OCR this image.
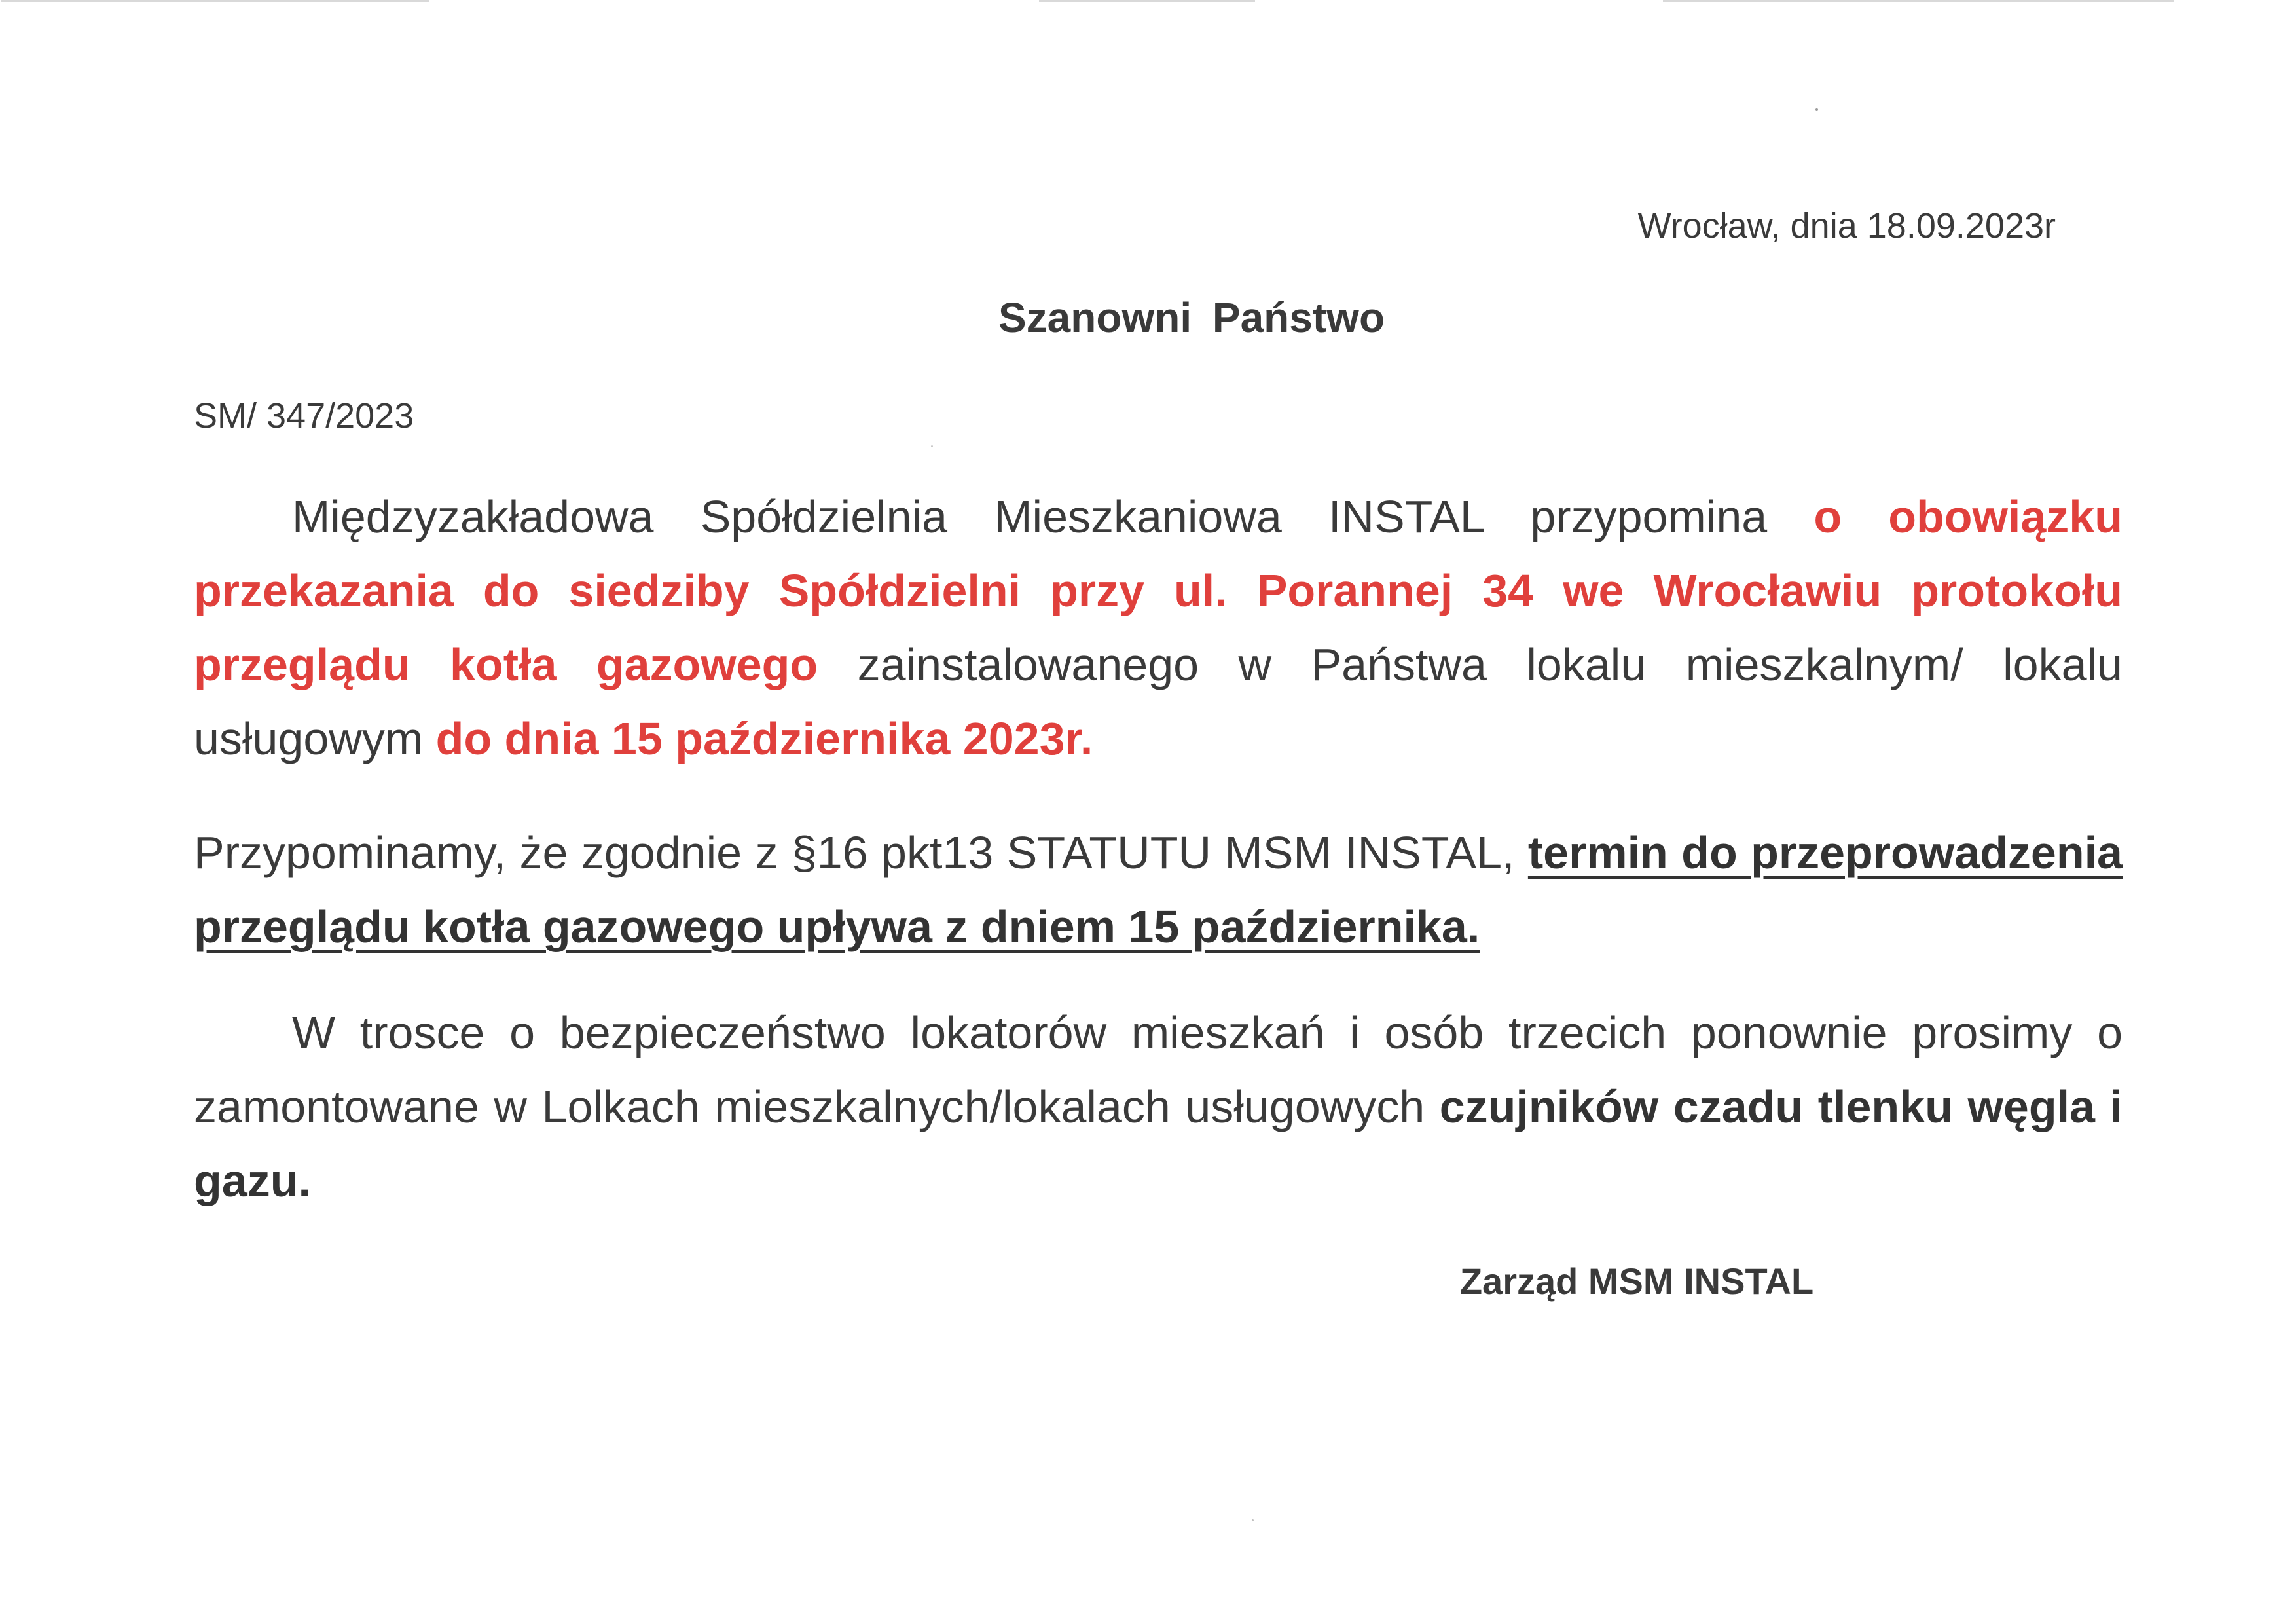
Wrocław, dnia 18.09.2023r
Szanowni Państwo
SM/ 347/2023

Międzyzakładowa Spółdzielnia Mieszkaniowa INSTAL przypomina o obowiązku przekazania do siedziby Spółdzielni przy ul. Porannej 34 we Wrocławiu protokołu przeglądu kotła gazowego zainstalowanego w Państwa lokalu mieszkalnym/ lokalu usługowym do dnia 15 października 2023r.

Przypominamy, że zgodnie z §16 pkt13 STATUTU MSM INSTAL, termin do przeprowadzenia przeglądu kotła gazowego upływa z dniem 15 października.

W trosce o bezpieczeństwo lokatorów mieszkań i osób trzecich ponownie prosimy o zamontowane w Lolkach mieszkalnych/lokalach usługowych czujników czadu tlenku węgla i gazu.

Zarząd MSM INSTAL
